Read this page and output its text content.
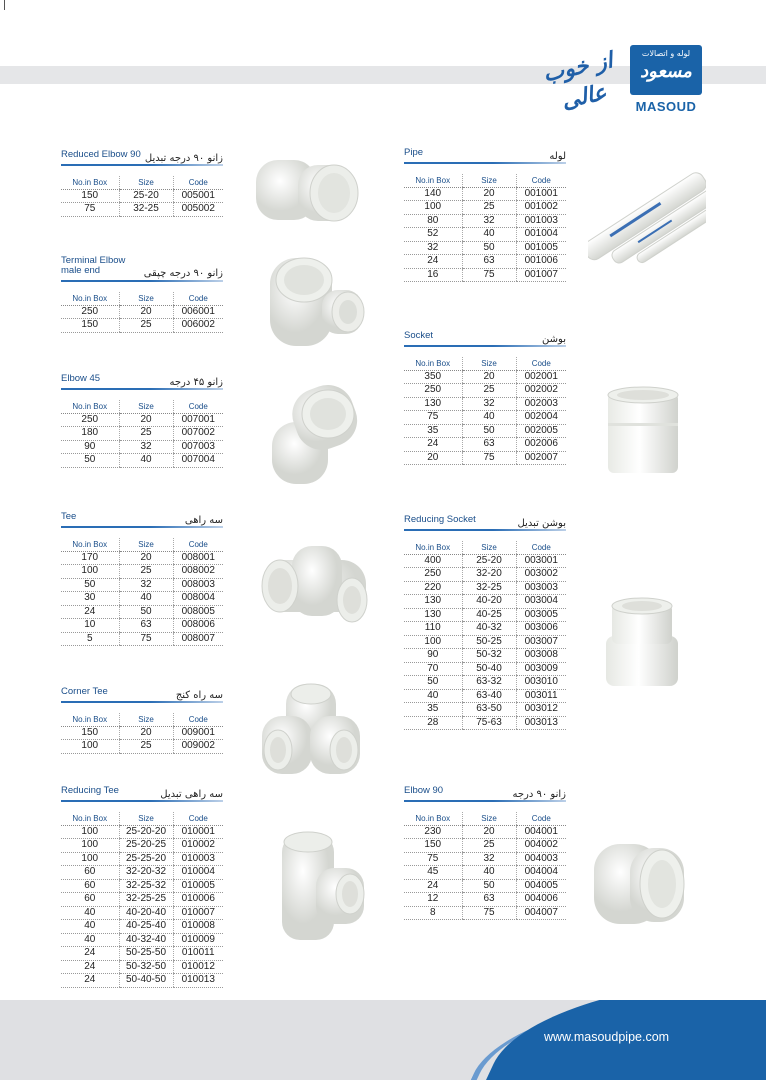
از خوب عالی
لوله و اتصالات
مسعود
MASOUD
Reduced Elbow 90 زانو ۹۰ درجه تبدیل
No.in Box	Size	Code
150	25-20	005001
75	32-25	005002
Terminal Elbow
male end	زانو ۹۰ درجه چپقی
No.in Box	Size	Code
250	20	006001
150	25	006002
Elbow 45	زانو ۴۵ درجه
No.in Box	Size	Code
250	20	007001
180	25	007002
90	32	007003
50	40	007004
Tee	سه راهی
No.in Box	Size	Code
170	20	008001
100	25	008002
50	32	008003
30	40	008004
24	50	008005
10	63	008006
5	75	008007
Corner Tee	سه راه کنج
No.in Box	Size	Code
150	20	009001
100	25	009002
Reducing Tee	سه راهی تبدیل
No.in Box	Size	Code
100	25-20-20	010001
100	25-20-25	010002
100	25-25-20	010003
60	32-20-32	010004
60	32-25-32	010005
60	32-25-25	010006
40	40-20-40	010007
40	40-25-40	010008
40	40-32-40	010009
24	50-25-50	010011
24	50-32-50	010012
24	50-40-50	010013
Pipe	لوله
No.in Box	Size	Code
140	20	001001
100	25	001002
80	32	001003
52	40	001004
32	50	001005
24	63	001006
16	75	001007
Socket	بوشن
No.in Box	Size	Code
350	20	002001
250	25	002002
130	32	002003
75	40	002004
35	50	002005
24	63	002006
20	75	002007
Reducing Socket	بوشن تبدیل
No.in Box	Size	Code
400	25-20	003001
250	32-20	003002
220	32-25	003003
130	40-20	003004
130	40-25	003005
110	40-32	003006
100	50-25	003007
90	50-32	003008
70	50-40	003009
50	63-32	003010
40	63-40	003011
35	63-50	003012
28	75-63	003013
Elbow 90	زانو ۹۰ درجه
No.in Box	Size	Code
230	20	004001
150	25	004002
75	32	004003
45	40	004004
24	50	004005
12	63	004006
8	75	004007
www.masoudpipe.com
